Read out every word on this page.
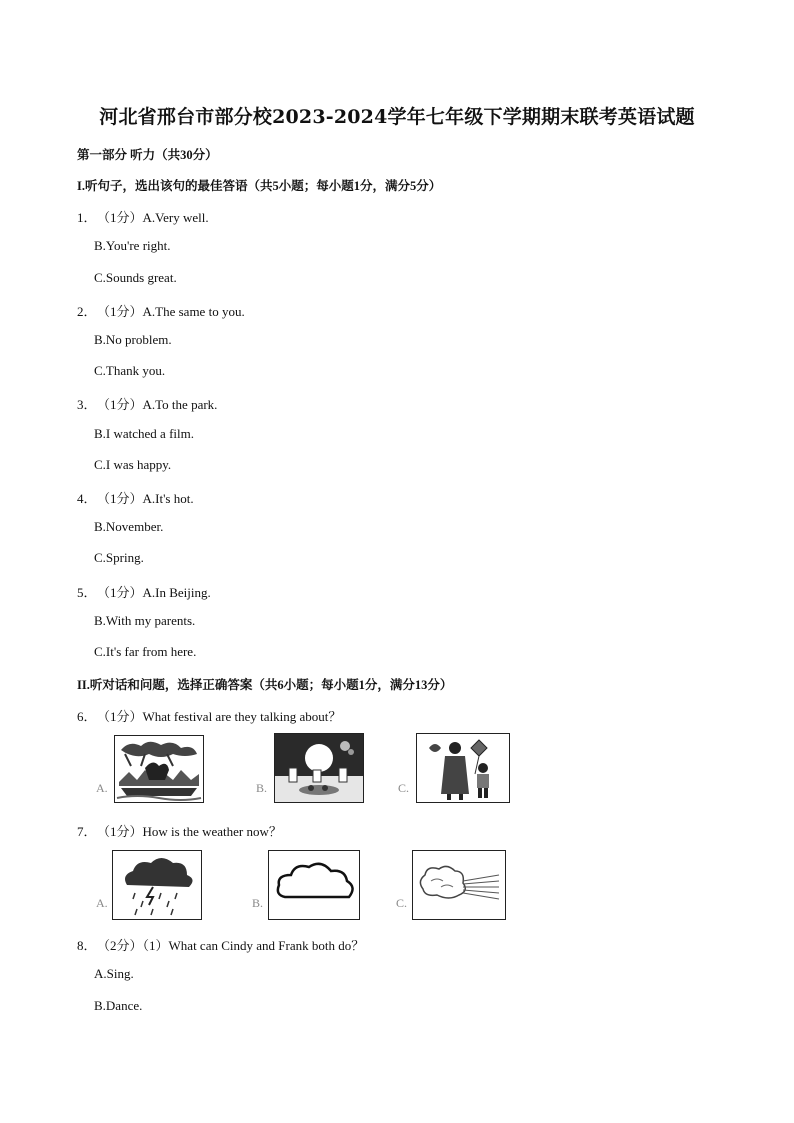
河北省邢台市部分校2023-2024学年七年级下学期期末联考英语试题
第一部分 听力（共30分）
I.听句子，选出该句的最佳答语（共5小题；每小题1分，满分5分）
1．（1分）A.Very well.
B.You're right.
C.Sounds great.
2．（1分）A.The same to you.
B.No problem.
C.Thank you.
3．（1分）A.To the park.
B.I watched a film.
C.I was happy.
4．（1分）A.It's hot.
B.November.
C.Spring.
5．（1分）A.In Beijing.
B.With my parents.
C.It's far from here.
II.听对话和问题，选择正确答案（共6小题；每小题1分，满分13分）
6．（1分）What festival are they talking about？
A.	B.	C.
7．（1分）How is the weather now？
A.	B.	C.
8．（2分）（1）What can Cindy and Frank both do？
A.Sing.
B.Dance.
